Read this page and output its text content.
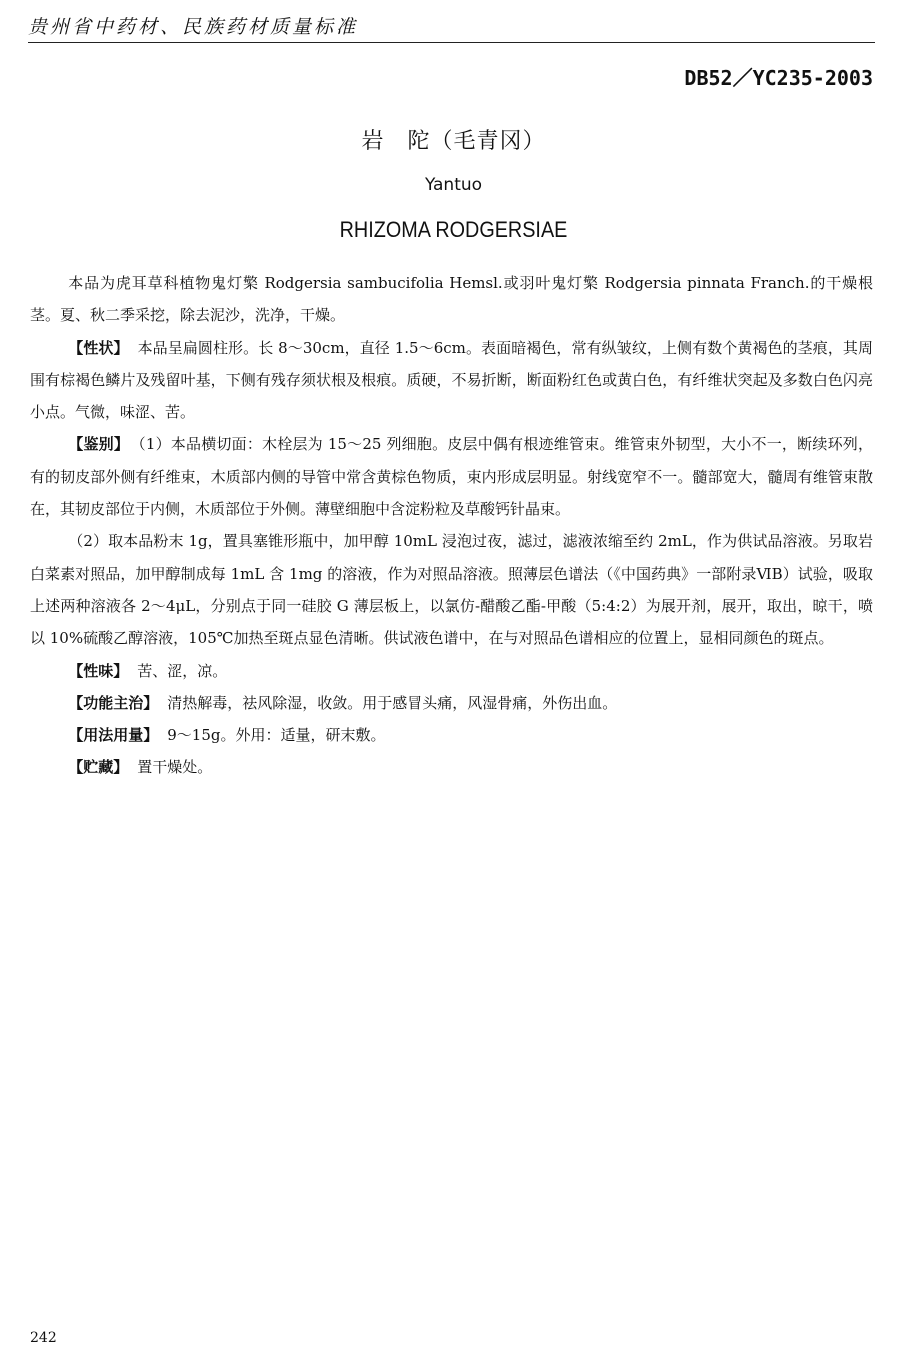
贵州省中药材、民族药材质量标准
DB52／YC235-2003
岩　陀（毛青冈）
Yantuo
RHIZOMA RODGERSIAE

本品为虎耳草科植物鬼灯檠 Rodgersia sambucifolia Hemsl.或羽叶鬼灯檠 Rodgersia pinnata Franch.的干燥根茎。夏、秋二季采挖，除去泥沙，洗净，干燥。

【性状】 本品呈扁圆柱形。长 8～30cm，直径 1.5～6cm。表面暗褐色，常有纵皱纹，上侧有数个黄褐色的茎痕，其周围有棕褐色鳞片及残留叶基，下侧有残存须状根及根痕。质硬，不易折断，断面粉红色或黄白色，有纤维状突起及多数白色闪亮小点。气微，味涩、苦。

【鉴别】 （1）本品横切面：木栓层为 15～25 列细胞。皮层中偶有根迹维管束。维管束外韧型，大小不一，断续环列，有的韧皮部外侧有纤维束，木质部内侧的导管中常含黄棕色物质，束内形成层明显。射线宽窄不一。髓部宽大，髓周有维管束散在，其韧皮部位于内侧，木质部位于外侧。薄壁细胞中含淀粉粒及草酸钙针晶束。

（2）取本品粉末 1g，置具塞锥形瓶中，加甲醇 10mL 浸泡过夜，滤过，滤液浓缩至约 2mL，作为供试品溶液。另取岩白菜素对照品，加甲醇制成每 1mL 含 1mg 的溶液，作为对照品溶液。照薄层色谱法（《中国药典》一部附录ⅥB）试验，吸取上述两种溶液各 2～4μL，分别点于同一硅胶 G 薄层板上，以氯仿-醋酸乙酯-甲酸（5:4:2）为展开剂，展开，取出，晾干，喷以 10%硫酸乙醇溶液，105℃加热至斑点显色清晰。供试液色谱中，在与对照品色谱相应的位置上，显相同颜色的斑点。

【性味】 苦、涩，凉。

【功能主治】 清热解毒，祛风除湿，收敛。用于感冒头痛，风湿骨痛，外伤出血。

【用法用量】 9～15g。外用：适量，研末敷。

【贮藏】 置干燥处。

242
